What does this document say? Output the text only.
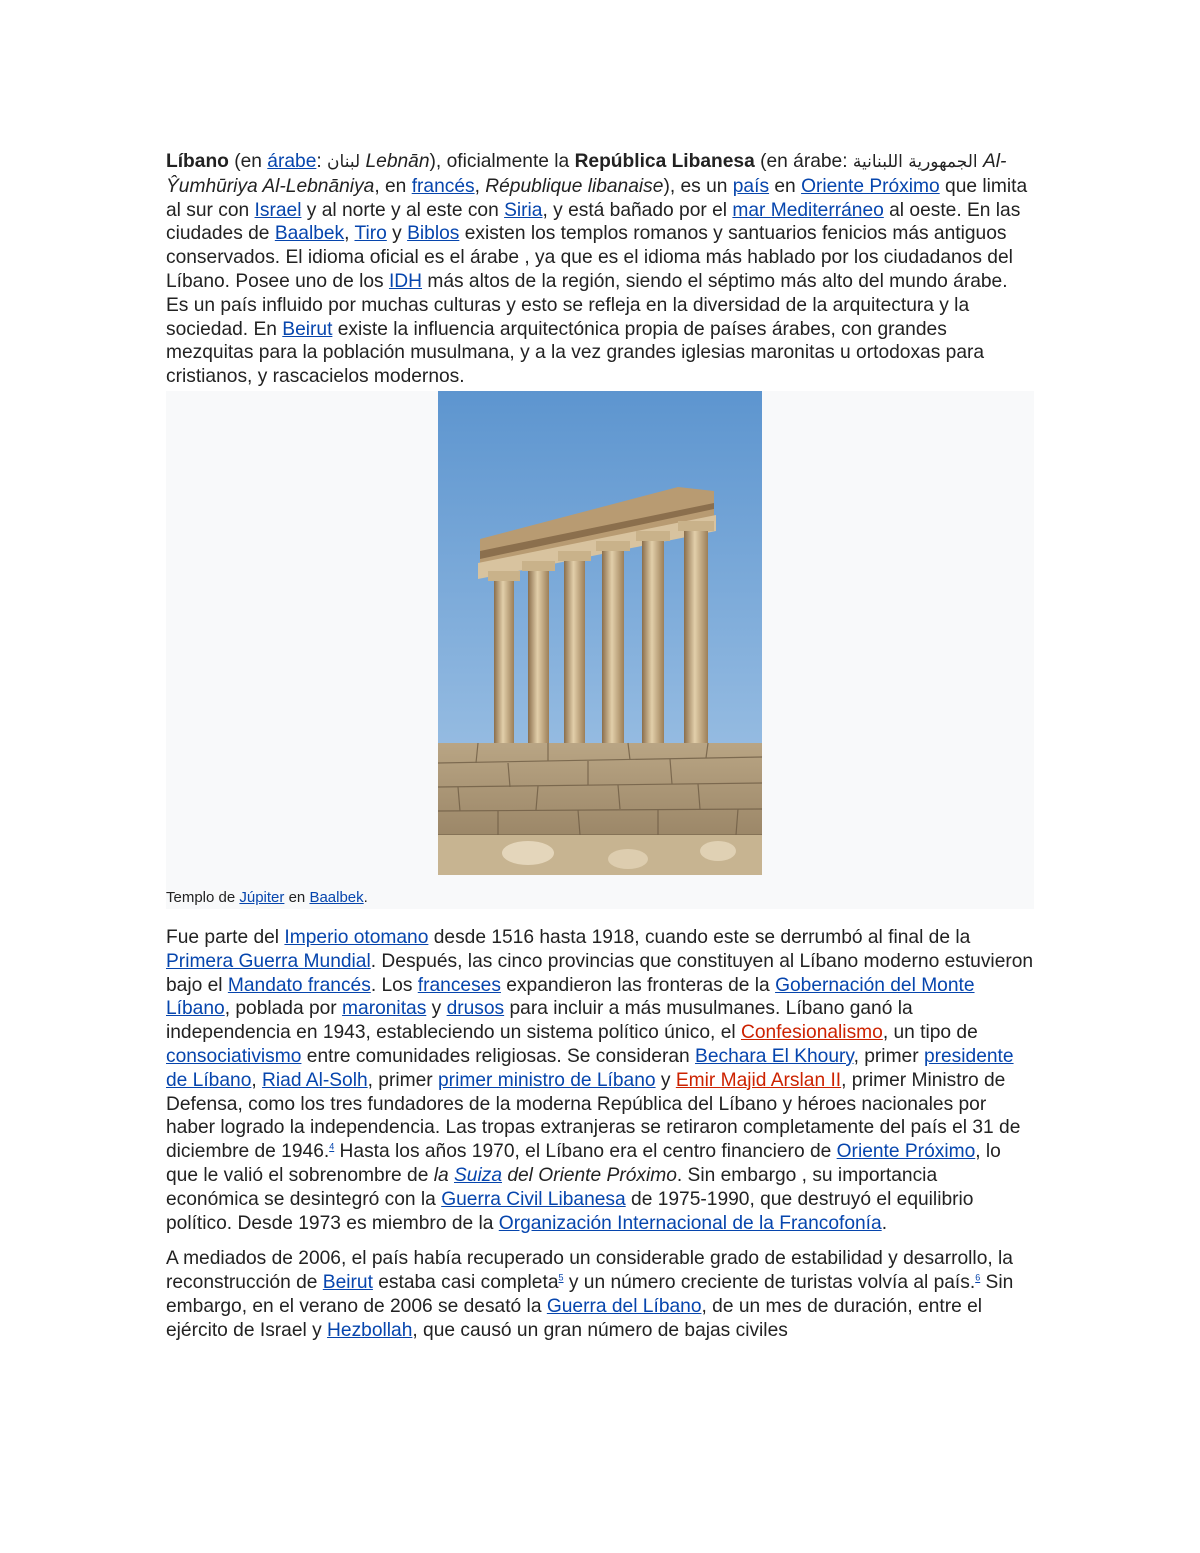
Líbano (en árabe: لبنان Lebnān), oficialmente la República Libanesa (en árabe: الجمهورية اللبنانية Al-Ŷumhūriya Al-Lebnāniya, en francés, République libanaise), es un país en Oriente Próximo que limita al sur con Israel y al norte y al este con Siria, y está bañado por el mar Mediterráneo al oeste. En las ciudades de Baalbek, Tiro y Biblos existen los templos romanos y santuarios fenicios más antiguos conservados. El idioma oficial es el árabe , ya que es el idioma más hablado por los ciudadanos del Líbano. Posee uno de los IDH más altos de la región, siendo el séptimo más alto del mundo árabe. Es un país influido por muchas culturas y esto se refleja en la diversidad de la arquitectura y la sociedad. En Beirut existe la influencia arquitectónica propia de países árabes, con grandes mezquitas para la población musulmana, y a la vez grandes iglesias maronitas u ortodoxas para cristianos, y rascacielos modernos.

Templo de Júpiter en Baalbek.

Fue parte del Imperio otomano desde 1516 hasta 1918, cuando este se derrumbó al final de la Primera Guerra Mundial. Después, las cinco provincias que constituyen al Líbano moderno estuvieron bajo el Mandato francés. Los franceses expandieron las fronteras de la Gobernación del Monte Líbano, poblada por maronitas y drusos para incluir a más musulmanes. Líbano ganó la independencia en 1943, estableciendo un sistema político único, el Confesionalismo, un tipo de consociativismo entre comunidades religiosas. Se consideran Bechara El Khoury, primer presidente de Líbano, Riad Al-Solh, primer primer ministro de Líbano y Emir Majid Arslan II, primer Ministro de Defensa, como los tres fundadores de la moderna República del Líbano y héroes nacionales por haber logrado la independencia. Las tropas extranjeras se retiraron completamente del país el 31 de diciembre de 1946.$^4$ Hasta los años 1970, el Líbano era el centro financiero de Oriente Próximo, lo que le valió el sobrenombre de la Suiza del Oriente Próximo. Sin embargo , su importancia económica se desintegró con la Guerra Civil Libanesa de 1975-1990, que destruyó el equilibrio político. Desde 1973 es miembro de la Organización Internacional de la Francofonía.

A mediados de 2006, el país había recuperado un considerable grado de estabilidad y desarrollo, la reconstrucción de Beirut estaba casi completa$^5$ y un número creciente de turistas volvía al país.$^6$ Sin embargo, en el verano de 2006 se desató la Guerra del Líbano, de un mes de duración, entre el ejército de Israel y Hezbollah, que causó un gran número de bajas civiles
